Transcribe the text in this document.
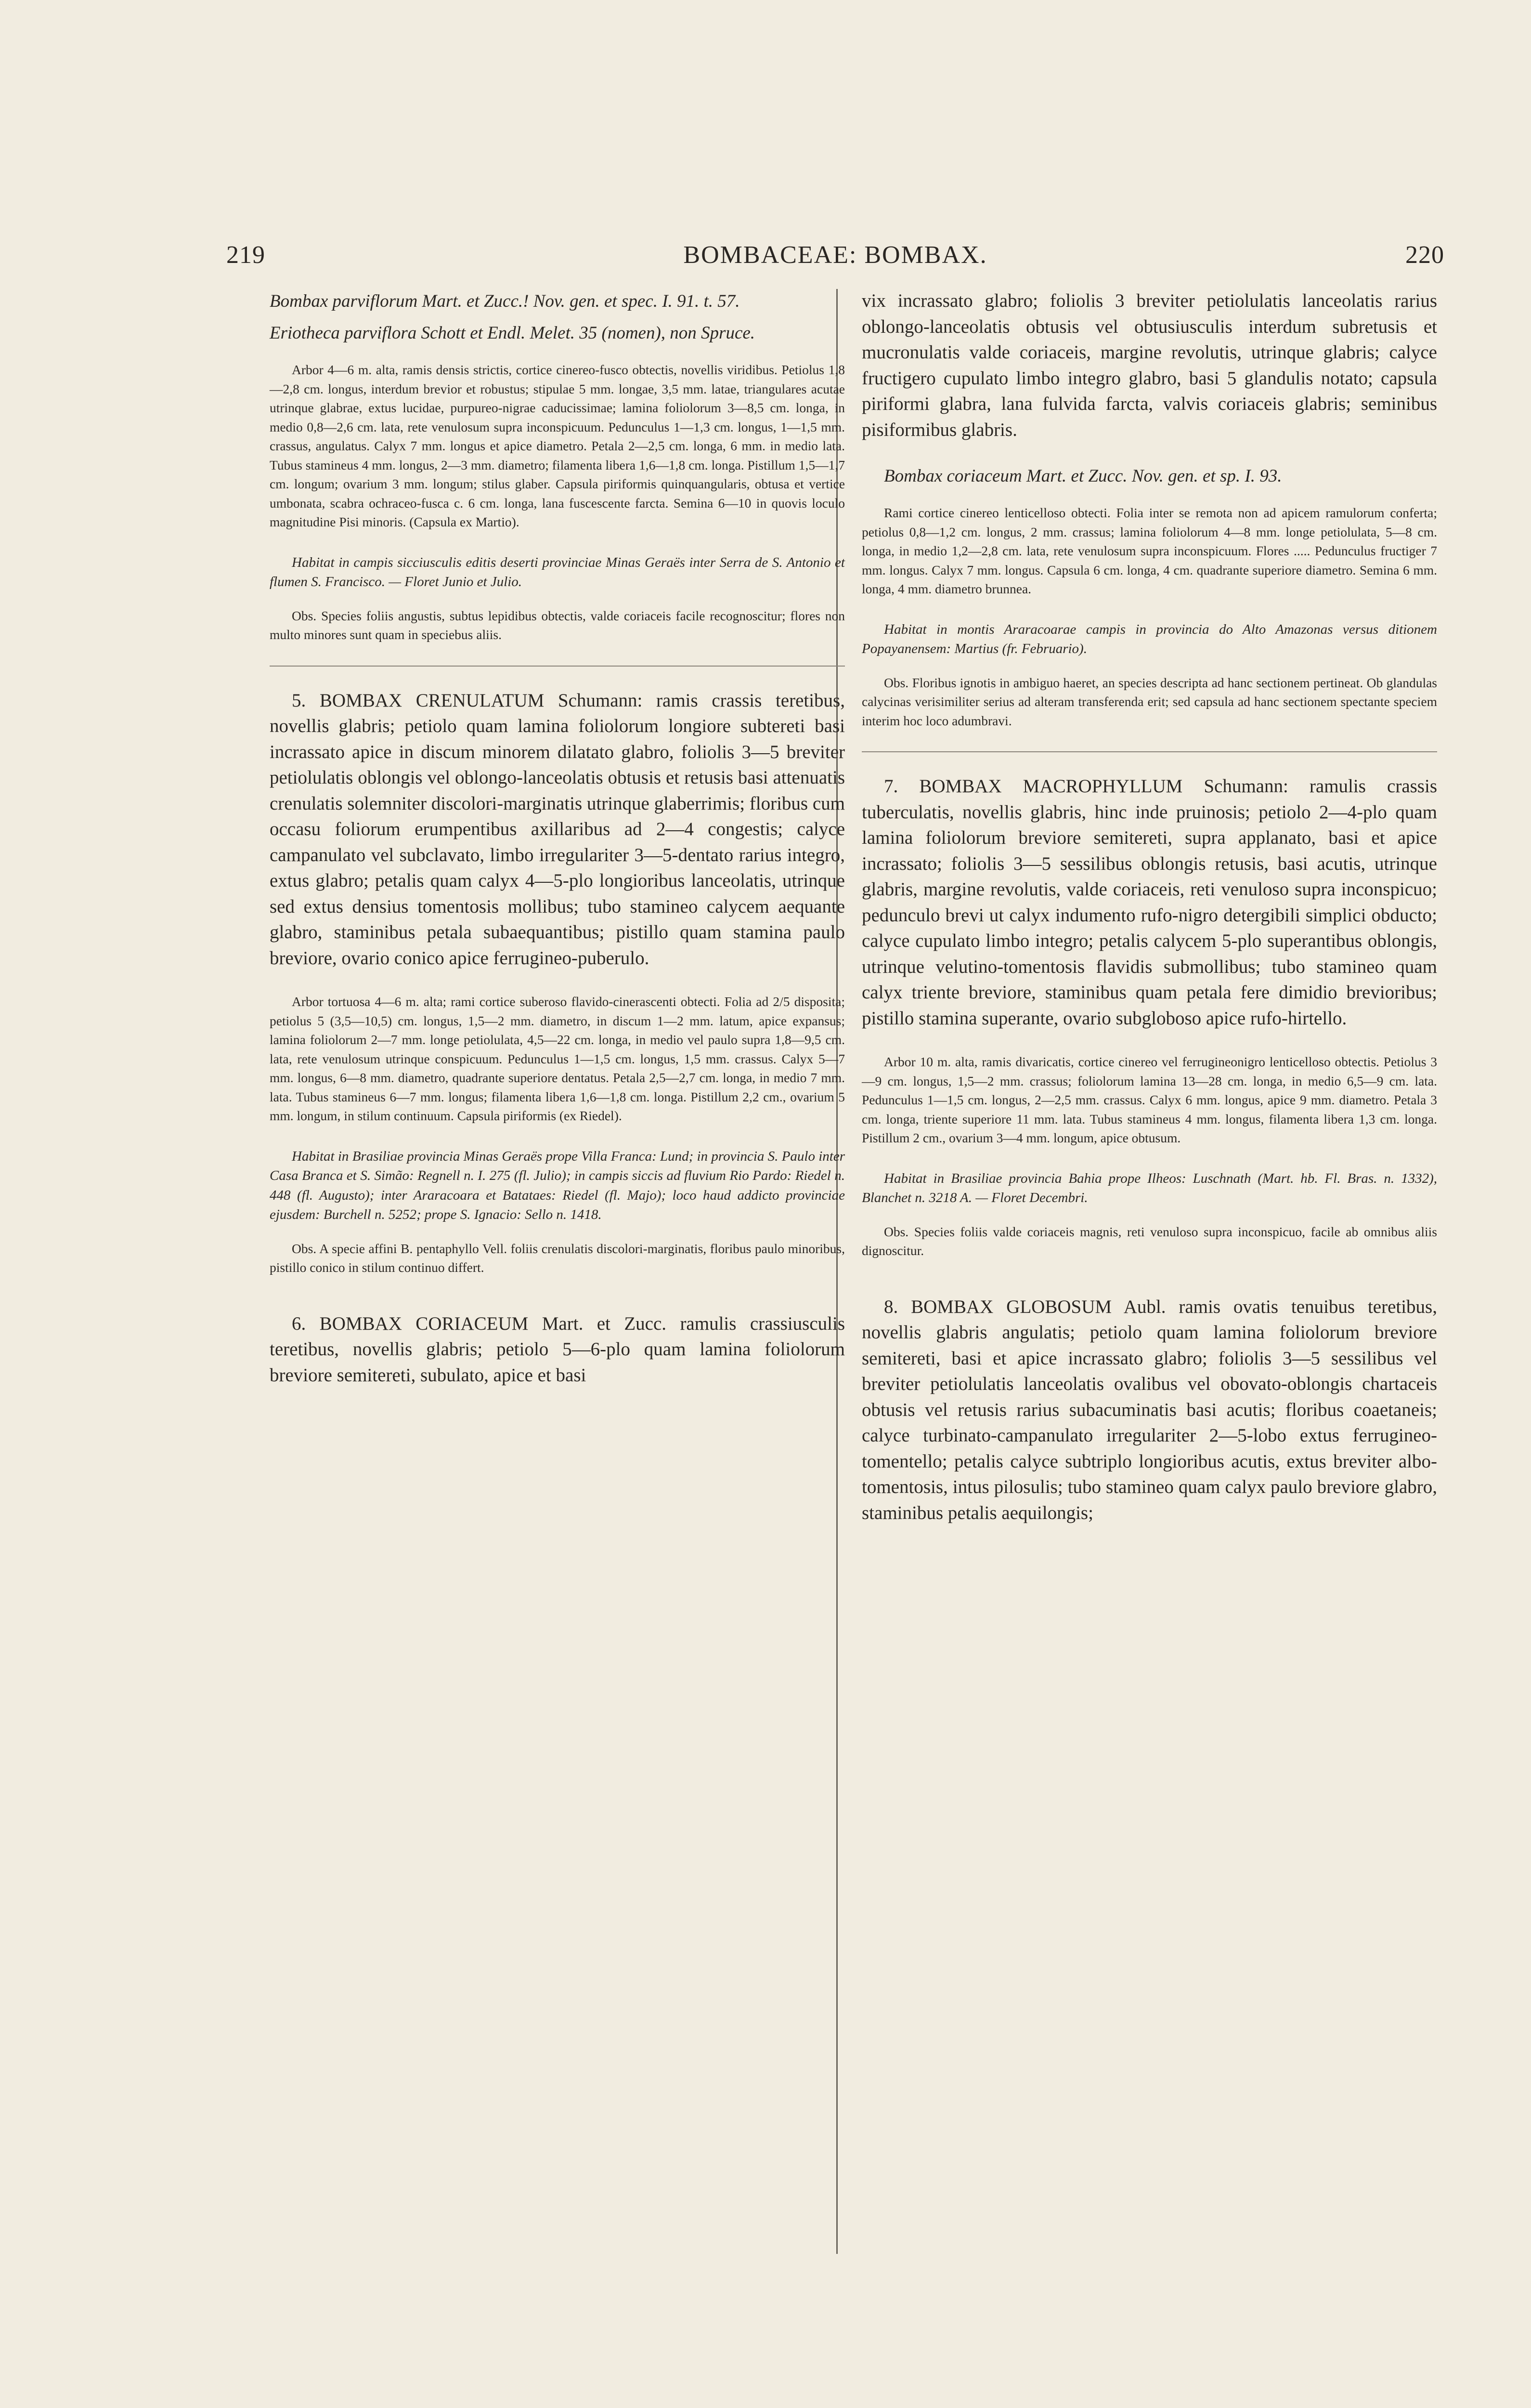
219	BOMBACEAE: BOMBAX.	220

Bombax parviflorum Mart. et Zucc.! Nov. gen. et spec. I. 91. t. 57.

Eriotheca parviflora Schott et Endl. Melet. 35 (nomen), non Spruce.

Arbor 4—6 m. alta, ramis densis strictis, cortice cinereo-fusco obtectis, novellis viridibus. Petiolus 1,8—2,8 cm. longus, interdum brevior et robustus; stipulae 5 mm. longae, 3,5 mm. latae, triangulares acutae utrinque glabrae, extus lucidae, purpureo-nigrae caducissimae; lamina foliolorum 3—8,5 cm. longa, in medio 0,8—2,6 cm. lata, rete venulosum supra inconspicuum. Pedunculus 1—1,3 cm. longus, 1—1,5 mm. crassus, angulatus. Calyx 7 mm. longus et apice diametro. Petala 2—2,5 cm. longa, 6 mm. in medio lata. Tubus stamineus 4 mm. longus, 2—3 mm. diametro; filamenta libera 1,6—1,8 cm. longa. Pistillum 1,5—1,7 cm. longum; ovarium 3 mm. longum; stilus glaber. Capsula piriformis quinquangularis, obtusa et vertice umbonata, scabra ochraceo-fusca c. 6 cm. longa, lana fuscescente farcta. Semina 6—10 in quovis loculo magnitudine Pisi minoris. (Capsula ex Martio).

Habitat in campis sicciusculis editis deserti provinciae Minas Geraës inter Serra de S. Antonio et flumen S. Francisco. — Floret Junio et Julio.

Obs. Species foliis angustis, subtus lepidibus obtectis, valde coriaceis facile recognoscitur; flores non multo minores sunt quam in speciebus aliis.

5. BOMBAX CRENULATUM Schumann: ramis crassis teretibus, novellis glabris; petiolo quam lamina foliolorum longiore subtereti basi incrassato apice in discum minorem dilatato glabro, foliolis 3—5 breviter petiolulatis oblongis vel oblongo-lanceolatis obtusis et retusis basi attenuatis crenulatis solemniter discolori-marginatis utrinque glaberrimis; floribus cum occasu foliorum erumpentibus axillaribus ad 2—4 congestis; calyce campanulato vel subclavato, limbo irregulariter 3—5-dentato rarius integro, extus glabro; petalis quam calyx 4—5-plo longioribus lanceolatis, utrinque sed extus densius tomentosis mollibus; tubo stamineo calycem aequante glabro, staminibus petala subaequantibus; pistillo quam stamina paulo breviore, ovario conico apice ferrugineo-puberulo.

Arbor tortuosa 4—6 m. alta; rami cortice suberoso flavido-cinerascenti obtecti. Folia ad 2/5 disposita; petiolus 5 (3,5—10,5) cm. longus, 1,5—2 mm. diametro, in discum 1—2 mm. latum, apice expansus; lamina foliolorum 2—7 mm. longe petiolulata, 4,5—22 cm. longa, in medio vel paulo supra 1,8—9,5 cm. lata, rete venulosum utrinque conspicuum. Pedunculus 1—1,5 cm. longus, 1,5 mm. crassus. Calyx 5—7 mm. longus, 6—8 mm. diametro, quadrante superiore dentatus. Petala 2,5—2,7 cm. longa, in medio 7 mm. lata. Tubus stamineus 6—7 mm. longus; filamenta libera 1,6—1,8 cm. longa. Pistillum 2,2 cm., ovarium 5 mm. longum, in stilum continuum. Capsula piriformis (ex Riedel).

Habitat in Brasiliae provincia Minas Geraës prope Villa Franca: Lund; in provincia S. Paulo inter Casa Branca et S. Simão: Regnell n. I. 275 (fl. Julio); in campis siccis ad fluvium Rio Pardo: Riedel n. 448 (fl. Augusto); inter Araracoara et Batataes: Riedel (fl. Majo); loco haud addicto provinciae ejusdem: Burchell n. 5252; prope S. Ignacio: Sello n. 1418.

Obs. A specie affini B. pentaphyllo Vell. foliis crenulatis discolori-marginatis, floribus paulo minoribus, pistillo conico in stilum continuo differt.

6. BOMBAX CORIACEUM Mart. et Zucc. ramulis crassiusculis teretibus, novellis glabris; petiolo 5—6-plo quam lamina foliolorum breviore semitereti, subulato, apice et basi

vix incrassato glabro; foliolis 3 breviter petiolulatis lanceolatis rarius oblongo-lanceolatis obtusis vel obtusiusculis interdum subretusis et mucronulatis valde coriaceis, margine revolutis, utrinque glabris; calyce fructigero cupulato limbo integro glabro, basi 5 glandulis notato; capsula piriformi glabra, lana fulvida farcta, valvis coriaceis glabris; seminibus pisiformibus glabris.

Bombax coriaceum Mart. et Zucc. Nov. gen. et sp. I. 93.

Rami cortice cinereo lenticelloso obtecti. Folia inter se remota non ad apicem ramulorum conferta; petiolus 0,8—1,2 cm. longus, 2 mm. crassus; lamina foliolorum 4—8 mm. longe petiolulata, 5—8 cm. longa, in medio 1,2—2,8 cm. lata, rete venulosum supra inconspicuum. Flores ..... Pedunculus fructiger 7 mm. longus. Calyx 7 mm. longus. Capsula 6 cm. longa, 4 cm. quadrante superiore diametro. Semina 6 mm. longa, 4 mm. diametro brunnea.

Habitat in montis Araracoarae campis in provincia do Alto Amazonas versus ditionem Popayanensem: Martius (fr. Februario).

Obs. Floribus ignotis in ambiguo haeret, an species descripta ad hanc sectionem pertineat. Ob glandulas calycinas verisimiliter serius ad alteram transferenda erit; sed capsula ad hanc sectionem spectante speciem interim hoc loco adumbravi.

7. BOMBAX MACROPHYLLUM Schumann: ramulis crassis tuberculatis, novellis glabris, hinc inde pruinosis; petiolo 2—4-plo quam lamina foliolorum breviore semitereti, supra applanato, basi et apice incrassato; foliolis 3—5 sessilibus oblongis retusis, basi acutis, utrinque glabris, margine revolutis, valde coriaceis, reti venuloso supra inconspicuo; pedunculo brevi ut calyx indumento rufo-nigro detergibili simplici obducto; calyce cupulato limbo integro; petalis calycem 5-plo superantibus oblongis, utrinque velutino-tomentosis flavidis submollibus; tubo stamineo quam calyx triente breviore, staminibus quam petala fere dimidio brevioribus; pistillo stamina superante, ovario subgloboso apice rufo-hirtello.

Arbor 10 m. alta, ramis divaricatis, cortice cinereo vel ferrugineonigro lenticelloso obtectis. Petiolus 3—9 cm. longus, 1,5—2 mm. crassus; foliolorum lamina 13—28 cm. longa, in medio 6,5—9 cm. lata. Pedunculus 1—1,5 cm. longus, 2—2,5 mm. crassus. Calyx 6 mm. longus, apice 9 mm. diametro. Petala 3 cm. longa, triente superiore 11 mm. lata. Tubus stamineus 4 mm. longus, filamenta libera 1,3 cm. longa. Pistillum 2 cm., ovarium 3—4 mm. longum, apice obtusum.

Habitat in Brasiliae provincia Bahia prope Ilheos: Luschnath (Mart. hb. Fl. Bras. n. 1332), Blanchet n. 3218 A. — Floret Decembri.

Obs. Species foliis valde coriaceis magnis, reti venuloso supra inconspicuo, facile ab omnibus aliis dignoscitur.

8. BOMBAX GLOBOSUM Aubl. ramis ovatis tenuibus teretibus, novellis glabris angulatis; petiolo quam lamina foliolorum breviore semitereti, basi et apice incrassato glabro; foliolis 3—5 sessilibus vel breviter petiolulatis lanceolatis ovalibus vel obovato-oblongis chartaceis obtusis vel retusis rarius subacuminatis basi acutis; floribus coaetaneis; calyce turbinato-campanulato irregulariter 2—5-lobo extus ferrugineo-tomentello; petalis calyce subtriplo longioribus acutis, extus breviter albo-tomentosis, intus pilosulis; tubo stamineo quam calyx paulo breviore glabro, staminibus petalis aequilongis;
